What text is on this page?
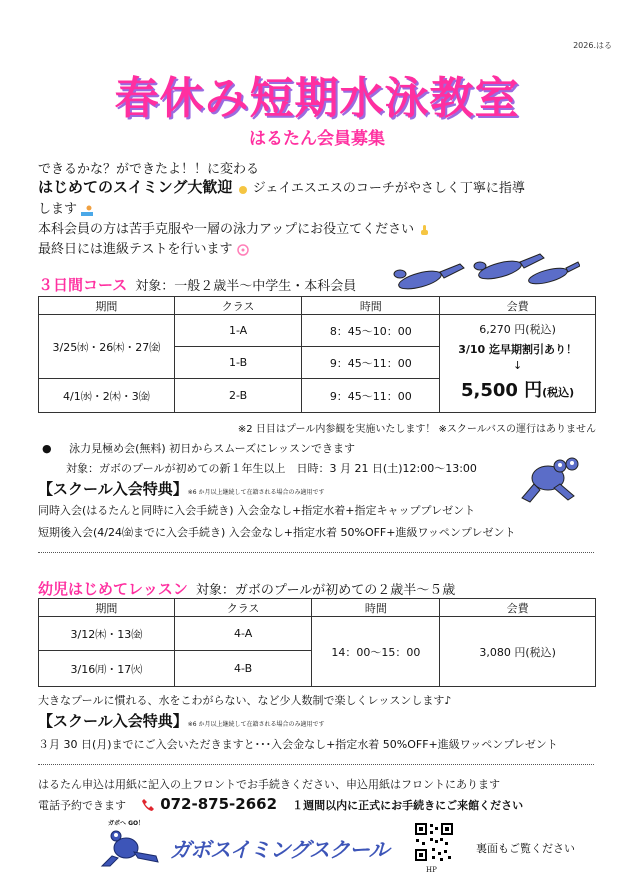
2026.はる
春休み短期水泳教室
はるたん会員募集
できるかな？ができたよ！！に変わる
はじめてのスイミング大歓迎 ジェイエスエスのコーチがやさしく丁寧に指導
します
本科会員の方は苦手克服や一層の泳力アップにお役立てください
最終日には進級テストを行います
３日間コース 対象：一般２歳半～中学生・本科会員
期間	クラス	時間	会費
3/25㈬・26㈭・27㈮	1-A	8：45～10：00	6,270 円(税込)
3/10 迄早期割引あり！
↓
5,500 円(税込)

	1-B	9：45～11：00	
4/1㈬・2㈭・3㈮	2-B	9：45～11：00	
※2 日目はプール内参観を実施いたします！ ※スクールバスの運行はありません
● 泳力見極め会(無料) 初日からスムーズにレッスンできます
対象：ガボのプールが初めての新１年生以上　日時：3 月 21 日(土)12:00～13:00
【スクール入会特典】※6 か月以上継続して在籍される場合のみ適用です
同時入会(はるたんと同時に入会手続き) 入会金なし+指定水着+指定キャッププレゼント
短期後入会(4/24㈮までに入会手続き) 入会金なし+指定水着 50%OFF+進級ワッペンプレゼント
幼児はじめてレッスン 対象：ガボのプールが初めての２歳半～５歳
期間	クラス	時間	会費
3/12㈭・13㈮	4-A	14：00～15：00	3,080 円(税込)
3/16㈪・17㈫	4-B		
大きなプールに慣れる、水をこわがらない、など少人数制で楽しくレッスンします♪
【スクール入会特典】※6 か月以上継続して在籍される場合のみ適用です
３月 30 日(月)までにご入会いただきますと･･･入会金なし+指定水着 50%OFF+進級ワッペンプレゼント
はるたん申込は用紙に記入の上フロントでお手続きください、申込用紙はフロントにあります
電話予約できます 072-875-2662 １週間以内に正式にお手続きにご来館ください
ガボへ GO！
ガボスイミングスクール
HP
裏面もご覧ください
